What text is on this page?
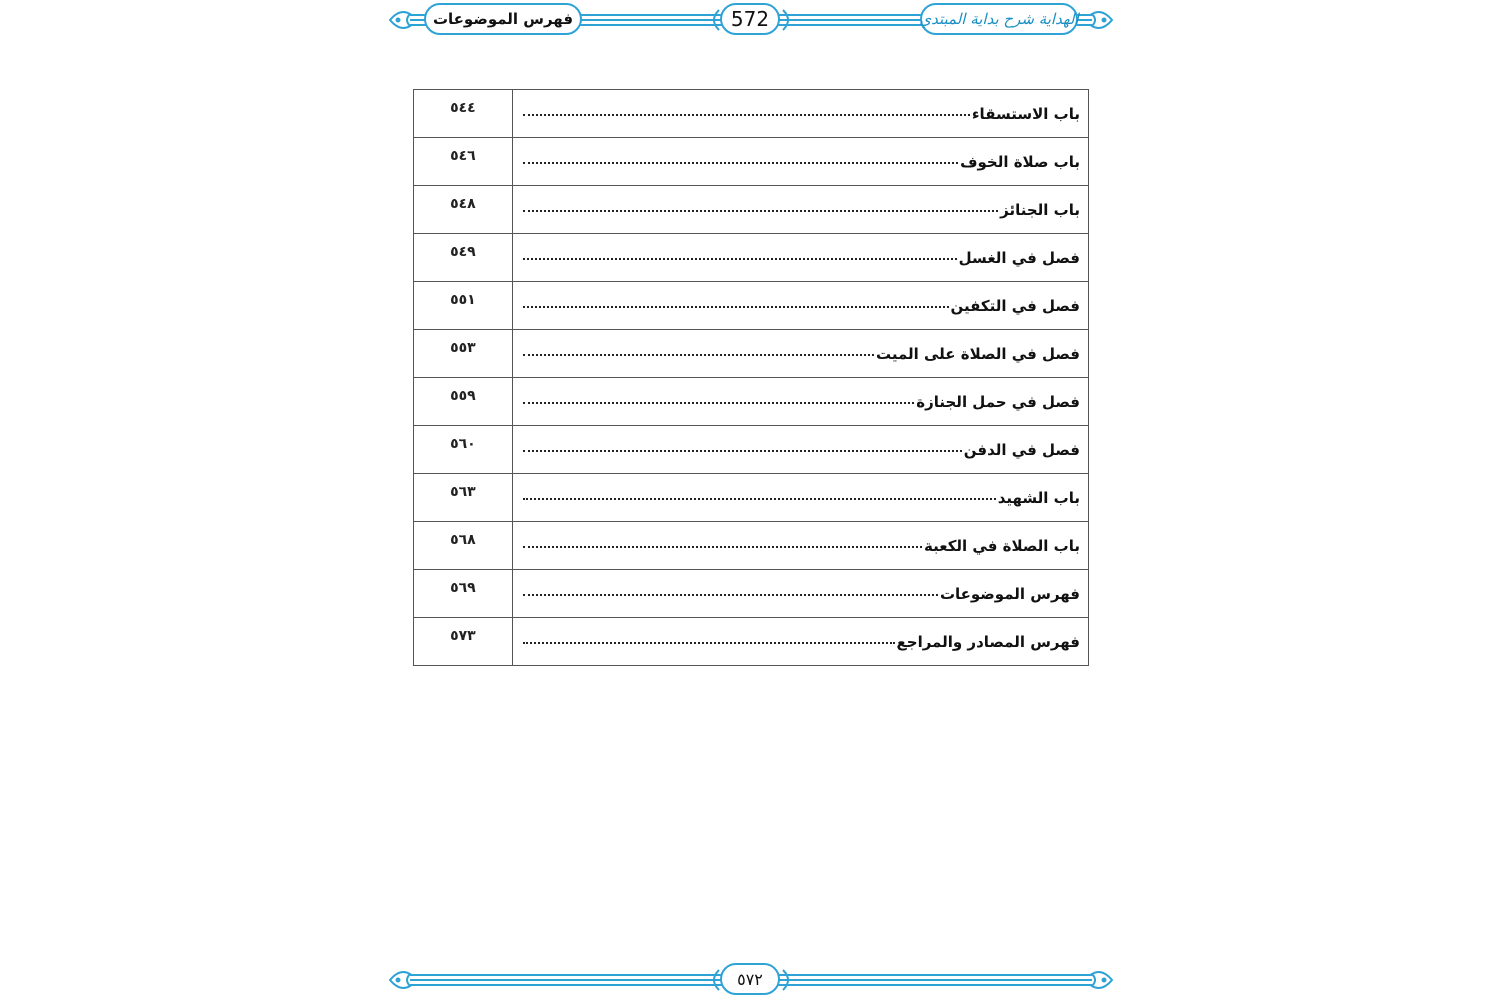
فهرس الموضوعات	572	الهداية شرح بداية المبتدي
باب الاستسقاء	٥٤٤

باب صلاة الخوف	٥٤٦

باب الجنائز	٥٤٨

فصل في الغسل	٥٤٩

فصل في التكفين	٥٥١

فصل في الصلاة على الميت	٥٥٣

فصل في حمل الجنازة	٥٥٩

فصل في الدفن	٥٦٠

باب الشهيد	٥٦٣

باب الصلاة في الكعبة	٥٦٨

فهرس الموضوعات	٥٦٩

فهرس المصادر والمراجع	٥٧٣
٥٧٢
